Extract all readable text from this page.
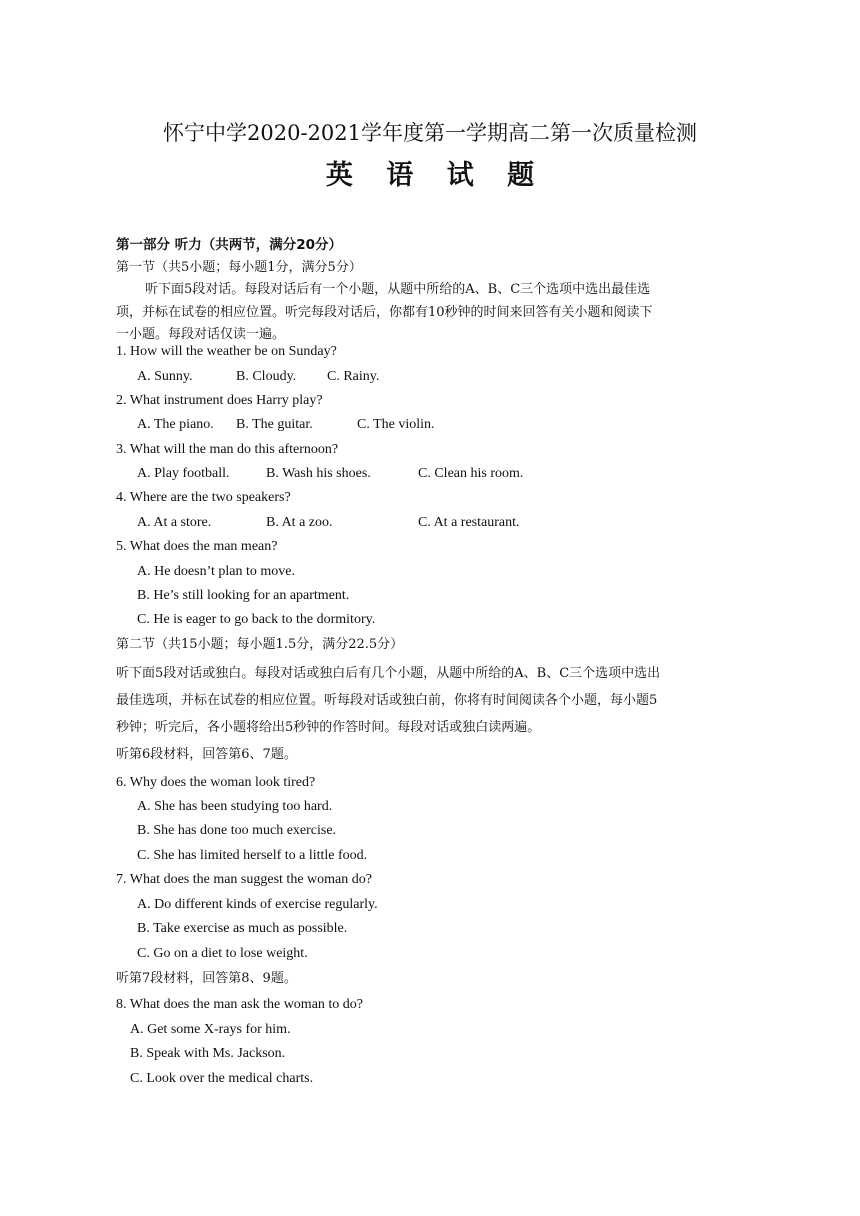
怀宁中学2020-2021学年度第一学期高二第一次质量检测
英 语 试 题
第一部分 听力（共两节，满分20分）
第一节（共5小题；每小题1分，满分5分）
听下面5段对话。每段对话后有一个小题，从题中所给的A、B、C三个选项中选出最佳选
项，并标在试卷的相应位置。听完每段对话后，你都有10秒钟的时间来回答有关小题和阅读下
一小题。每段对话仅读一遍。
1. How will the weather be on Sunday?
A. Sunny.	B. Cloudy. C. Rainy.
2. What instrument does Harry play?
A. The piano. B. The guitar.	C. The violin.
3. What will the man do this afternoon?
A. Play football.	B. Wash his shoes.	C. Clean his room.
4. Where are the two speakers?
A. At a store.	B. At a zoo.	C. At a restaurant.
5. What does the man mean?
A. He doesn’t plan to move.
B. He’s still looking for an apartment.
C. He is eager to go back to the dormitory.
第二节（共15小题；每小题1.5分，满分22.5分）
听下面5段对话或独白。每段对话或独白后有几个小题，从题中所给的A、B、C三个选项中选出
最佳选项，并标在试卷的相应位置。听每段对话或独白前，你将有时间阅读各个小题，每小题5
秒钟；听完后，各小题将给出5秒钟的作答时间。每段对话或独白读两遍。
听第6段材料，回答第6、7题。
6. Why does the woman look tired?
A. She has been studying too hard.
B. She has done too much exercise.
C. She has limited herself to a little food.
7. What does the man suggest the woman do?
A. Do different kinds of exercise regularly.
B. Take exercise as much as possible.
C. Go on a diet to lose weight.
听第7段材料，回答第8、9题。
8. What does the man ask the woman to do?
A. Get some X-rays for him.
B. Speak with Ms. Jackson.
C. Look over the medical charts.
